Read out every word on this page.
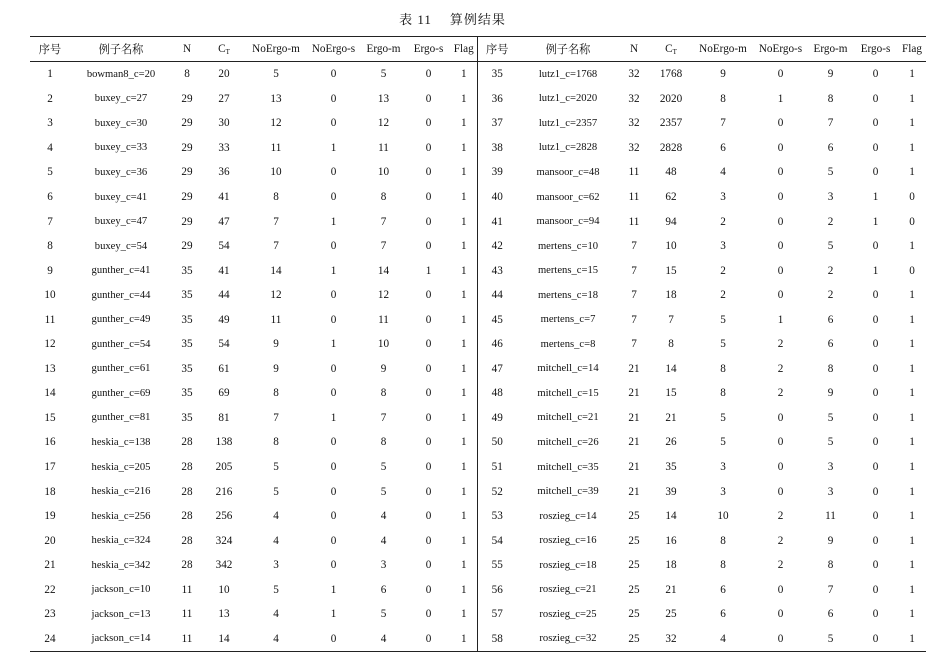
表 11 算例结果
序号	例子名称	N	$C_T$	NoErgo-m	NoErgo-s	Ergo-m	Ergo-s	Flag	序号	例子名称	N	$C_T$	NoErgo-m	NoErgo-s	Ergo-m	Ergo-s	Flag
1	bowman8_c=20	8	20	5	0	5	0	1	35	lutz1_c=1768	32	1768	9	0	9	0	1
2	buxey_c=27	29	27	13	0	13	0	1	36	lutz1_c=2020	32	2020	8	1	8	0	1
3	buxey_c=30	29	30	12	0	12	0	1	37	lutz1_c=2357	32	2357	7	0	7	0	1
4	buxey_c=33	29	33	11	1	11	0	1	38	lutz1_c=2828	32	2828	6	0	6	0	1
5	buxey_c=36	29	36	10	0	10	0	1	39	mansoor_c=48	11	48	4	0	5	0	1
6	buxey_c=41	29	41	8	0	8	0	1	40	mansoor_c=62	11	62	3	0	3	1	0
7	buxey_c=47	29	47	7	1	7	0	1	41	mansoor_c=94	11	94	2	0	2	1	0
8	buxey_c=54	29	54	7	0	7	0	1	42	mertens_c=10	7	10	3	0	5	0	1
9	gunther_c=41	35	41	14	1	14	1	1	43	mertens_c=15	7	15	2	0	2	1	0
10	gunther_c=44	35	44	12	0	12	0	1	44	mertens_c=18	7	18	2	0	2	0	1
11	gunther_c=49	35	49	11	0	11	0	1	45	mertens_c=7	7	7	5	1	6	0	1
12	gunther_c=54	35	54	9	1	10	0	1	46	mertens_c=8	7	8	5	2	6	0	1
13	gunther_c=61	35	61	9	0	9	0	1	47	mitchell_c=14	21	14	8	2	8	0	1
14	gunther_c=69	35	69	8	0	8	0	1	48	mitchell_c=15	21	15	8	2	9	0	1
15	gunther_c=81	35	81	7	1	7	0	1	49	mitchell_c=21	21	21	5	0	5	0	1
16	heskia_c=138	28	138	8	0	8	0	1	50	mitchell_c=26	21	26	5	0	5	0	1
17	heskia_c=205	28	205	5	0	5	0	1	51	mitchell_c=35	21	35	3	0	3	0	1
18	heskia_c=216	28	216	5	0	5	0	1	52	mitchell_c=39	21	39	3	0	3	0	1
19	heskia_c=256	28	256	4	0	4	0	1	53	roszieg_c=14	25	14	10	2	11	0	1
20	heskia_c=324	28	324	4	0	4	0	1	54	roszieg_c=16	25	16	8	2	9	0	1
21	heskia_c=342	28	342	3	0	3	0	1	55	roszieg_c=18	25	18	8	2	8	0	1
22	jackson_c=10	11	10	5	1	6	0	1	56	roszieg_c=21	25	21	6	0	7	0	1
23	jackson_c=13	11	13	4	1	5	0	1	57	roszieg_c=25	25	25	6	0	6	0	1
24	jackson_c=14	11	14	4	0	4	0	1	58	roszieg_c=32	25	32	4	0	5	0	1
